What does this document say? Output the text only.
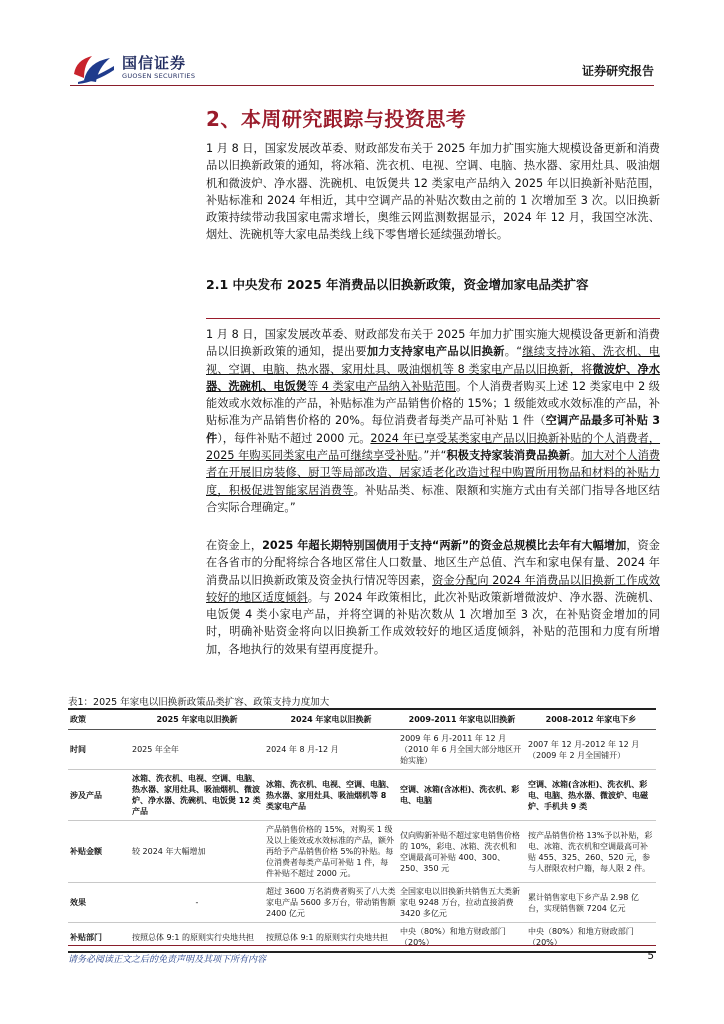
国信证券
GUOSEN SECURITIES	证券研究报告
2、本周研究跟踪与投资思考
1 月 8 日，国家发展改革委、财政部发布关于 2025 年加力扩围实施大规模设备更新和消费品以旧换新政策的通知，将冰箱、洗衣机、电视、空调、电脑、热水器、家用灶具、吸油烟机和微波炉、净水器、洗碗机、电饭煲共 12 类家电产品纳入 2025 年以旧换新补贴范围，补贴标准和 2024 年相近，其中空调产品的补贴次数由之前的 1 次增加至 3 次。以旧换新政策持续带动我国家电需求增长，奥维云网监测数据显示，2024 年 12 月，我国空冰洗、烟灶、洗碗机等大家电品类线上线下零售增长延续强劲增长。
2.1 中央发布 2025 年消费品以旧换新政策，资金增加家电品类扩容
1 月 8 日，国家发展改革委、财政部发布关于 2025 年加力扩围实施大规模设备更新和消费品以旧换新政策的通知，提出要加力支持家电产品以旧换新。“继续支持冰箱、洗衣机、电视、空调、电脑、热水器、家用灶具、吸油烟机等 8 类家电产品以旧换新，将微波炉、净水器、洗碗机、电饭煲等 4 类家电产品纳入补贴范围。个人消费者购买上述 12 类家电中 2 级能效或水效标准的产品，补贴标准为产品销售价格的 15%；1 级能效或水效标准的产品，补贴标准为产品销售价格的 20%。每位消费者每类产品可补贴 1 件（空调产品最多可补贴 3 件），每件补贴不超过 2000 元。2024 年已享受某类家电产品以旧换新补贴的个人消费者，2025 年购买同类家电产品可继续享受补贴。”并“积极支持家装消费品换新。加大对个人消费者在开展旧房装修、厨卫等局部改造、居家适老化改造过程中购置所用物品和材料的补贴力度，积极促进智能家居消费等。补贴品类、标准、限额和实施方式由有关部门指导各地区结合实际合理确定。”
在资金上，2025 年超长期特别国债用于支持“两新”的资金总规模比去年有大幅增加，资金在各省市的分配将综合各地区常住人口数量、地区生产总值、汽车和家电保有量、2024 年消费品以旧换新政策及资金执行情况等因素，资金分配向 2024 年消费品以旧换新工作成效较好的地区适度倾斜。与 2024 年政策相比，此次补贴政策新增微波炉、净水器、洗碗机、电饭煲 4 类小家电产品，并将空调的补贴次数从 1 次增加至 3 次，在补贴资金增加的同时，明确补贴资金将向以旧换新工作成效较好的地区适度倾斜，补贴的范围和力度有所增加，各地执行的效果有望再度提升。
表1：2025 年家电以旧换新政策品类扩容、政策支持力度加大
政策	2025 年家电以旧换新	2024 年家电以旧换新	2009-2011 年家电以旧换新	2008-2012 年家电下乡
时间	2025 年全年	2024 年 8 月-12 月	2009 年 6 月-2011 年 12 月（2010 年 6 月全国大部分地区开始实施）	2007 年 12 月-2012 年 12 月（2009 年 2 月全国铺开）
涉及产品	冰箱、洗衣机、电视、空调、电脑、热水器、家用灶具、吸油烟机、微波炉、净水器、洗碗机、电饭煲 12 类产品	冰箱、洗衣机、电视、空调、电脑、热水器、家用灶具、吸油烟机等 8 类家电产品	空调、冰箱(含冰柜)、洗衣机、彩电、电脑	空调、冰箱(含冰柜)、洗衣机、彩电、电脑、热水器、微波炉、电磁炉、手机共 9 类
补贴金额	较 2024 年大幅增加	产品销售价格的 15%，对购买 1 级及以上能效或水效标准的产品，额外再给予产品销售价格 5%的补贴。每位消费者每类产品可补贴 1 件，每件补贴不超过 2000 元。	仅向购新补贴不超过家电销售价格的 10%，彩电、冰箱、洗衣机和空调最高可补贴 400、300、250、350 元	按产品销售价格 13%予以补贴，彩电、冰箱、洗衣机和空调最高可补贴 455、325、260、520 元，参与人群限农村户籍，每人限 2 件。
效果	-	超过 3600 万名消费者购买了八大类家电产品 5600 多万台，带动销售额 2400 亿元	全国家电以旧换新共销售五大类新家电 9248 万台，拉动直接消费 3420 多亿元	累计销售家电下乡产品 2.98 亿台，实现销售额 7204 亿元
补贴部门	按照总体 9:1 的原则实行央地共担	按照总体 9:1 的原则实行央地共担	中央（80%）和地方财政部门（20%）	中央（80%）和地方财政部门（20%）
请务必阅读正文之后的免责声明及其项下所有内容	5
